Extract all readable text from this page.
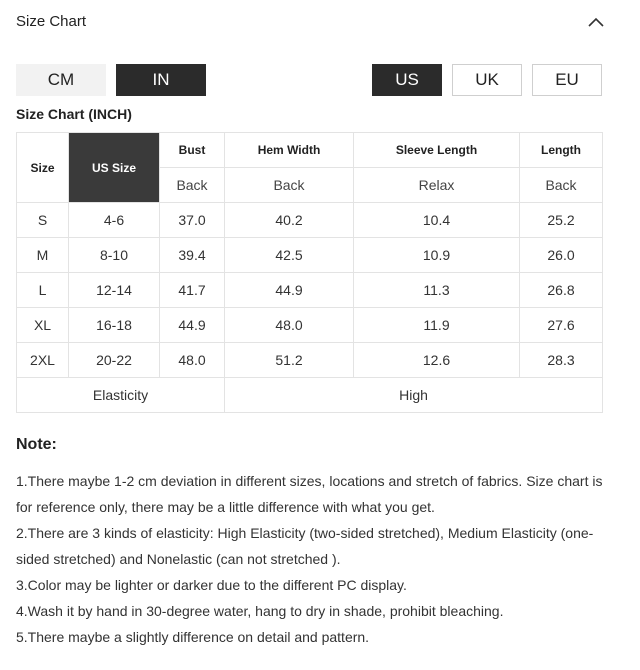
Size Chart
CM	IN	US	UK	EU
Size Chart (INCH)
Size	US Size	Bust	Hem Width	Sleeve Length	Length
		Back	Back	Relax	Back
S	4-6	37.0	40.2	10.4	25.2
M	8-10	39.4	42.5	10.9	26.0
L	12-14	41.7	44.9	11.3	26.8
XL	16-18	44.9	48.0	11.9	27.6
2XL	20-22	48.0	51.2	12.6	28.3
Elasticity			High		
Note:

1.There maybe 1-2 cm deviation in different sizes, locations and stretch of fabrics. Size chart is for reference only, there may be a little difference with what you get.

2.There are 3 kinds of elasticity: High Elasticity (two-sided stretched), Medium Elasticity (one-sided stretched) and Nonelastic (can not stretched ).

3.Color may be lighter or darker due to the different PC display.

4.Wash it by hand in 30-degree water, hang to dry in shade, prohibit bleaching.

5.There maybe a slightly difference on detail and pattern.
